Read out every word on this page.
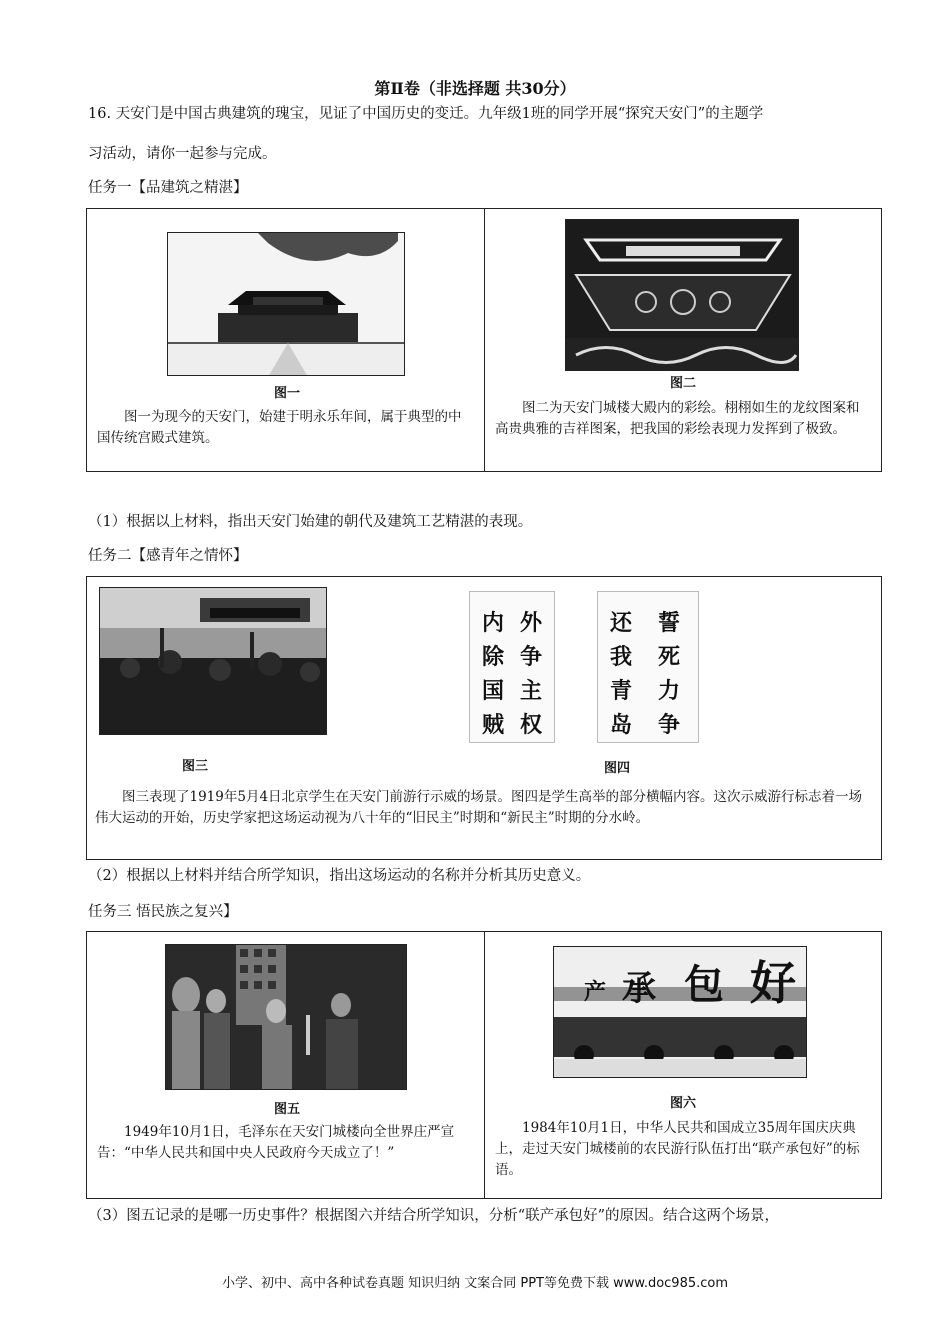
第Ⅱ卷（非选择题 共30分）
16. 天安门是中国古典建筑的瑰宝，见证了中国历史的变迁。九年级1班的同学开展“探究天安门”的主题学
习活动，请你一起参与完成。
任务一【品建筑之精湛】
图一
图一为现今的天安门，始建于明永乐年间，属于典型的中国传统宫殿式建筑。
图二
图二为天安门城楼大殿内的彩绘。栩栩如生的龙纹图案和高贵典雅的吉祥图案，把我国的彩绘表现力发挥到了极致。
（1）根据以上材料，指出天安门始建的朝代及建筑工艺精湛的表现。
任务二【感青年之情怀】
图三
内
除
国
贼
外
争
主
权
还
我
青
岛
誓
死
力
争
图四
图三表现了1919年5月4日北京学生在天安门前游行示威的场景。图四是学生高举的部分横幅内容。这次示威游行标志着一场伟大运动的开始，历史学家把这场运动视为八十年的“旧民主”时期和“新民主”时期的分水岭。
（2）根据以上材料并结合所学知识，指出这场运动的名称并分析其历史意义。
任务三 悟民族之复兴】
图五
1949年10月1日，毛泽东在天安门城楼向全世界庄严宣告：“中华人民共和国中央人民政府今天成立了！”
产 承 包 好
图六
1984年10月1日，中华人民共和国成立35周年国庆庆典上，走过天安门城楼前的农民游行队伍打出“联产承包好”的标语。
（3）图五记录的是哪一历史事件？根据图六并结合所学知识，分析“联产承包好”的原因。结合这两个场景，
小学、初中、高中各种试卷真题 知识归纳 文案合同 PPT等免费下载 www.doc985.com
